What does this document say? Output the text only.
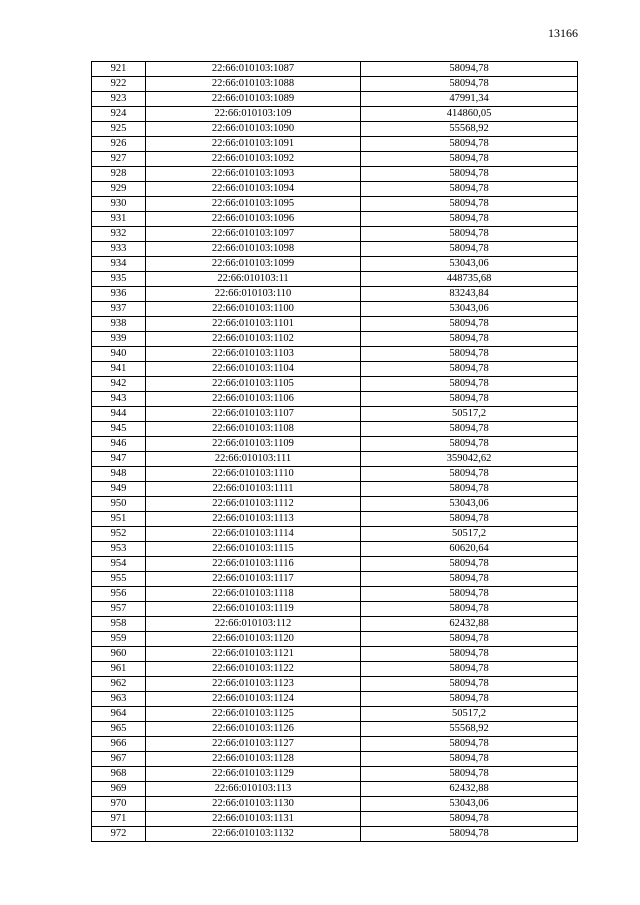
13166
921	22:66:010103:1087	58094,78
922	22:66:010103:1088	58094,78
923	22:66:010103:1089	47991,34
924	22:66:010103:109	414860,05
925	22:66:010103:1090	55568,92
926	22:66:010103:1091	58094,78
927	22:66:010103:1092	58094,78
928	22:66:010103:1093	58094,78
929	22:66:010103:1094	58094,78
930	22:66:010103:1095	58094,78
931	22:66:010103:1096	58094,78
932	22:66:010103:1097	58094,78
933	22:66:010103:1098	58094,78
934	22:66:010103:1099	53043,06
935	22:66:010103:11	448735,68
936	22:66:010103:110	83243,84
937	22:66:010103:1100	53043,06
938	22:66:010103:1101	58094,78
939	22:66:010103:1102	58094,78
940	22:66:010103:1103	58094,78
941	22:66:010103:1104	58094,78
942	22:66:010103:1105	58094,78
943	22:66:010103:1106	58094,78
944	22:66:010103:1107	50517,2
945	22:66:010103:1108	58094,78
946	22:66:010103:1109	58094,78
947	22:66:010103:111	359042,62
948	22:66:010103:1110	58094,78
949	22:66:010103:1111	58094,78
950	22:66:010103:1112	53043,06
951	22:66:010103:1113	58094,78
952	22:66:010103:1114	50517,2
953	22:66:010103:1115	60620,64
954	22:66:010103:1116	58094,78
955	22:66:010103:1117	58094,78
956	22:66:010103:1118	58094,78
957	22:66:010103:1119	58094,78
958	22:66:010103:112	62432,88
959	22:66:010103:1120	58094,78
960	22:66:010103:1121	58094,78
961	22:66:010103:1122	58094,78
962	22:66:010103:1123	58094,78
963	22:66:010103:1124	58094,78
964	22:66:010103:1125	50517,2
965	22:66:010103:1126	55568,92
966	22:66:010103:1127	58094,78
967	22:66:010103:1128	58094,78
968	22:66:010103:1129	58094,78
969	22:66:010103:113	62432,88
970	22:66:010103:1130	53043,06
971	22:66:010103:1131	58094,78
972	22:66:010103:1132	58094,78
